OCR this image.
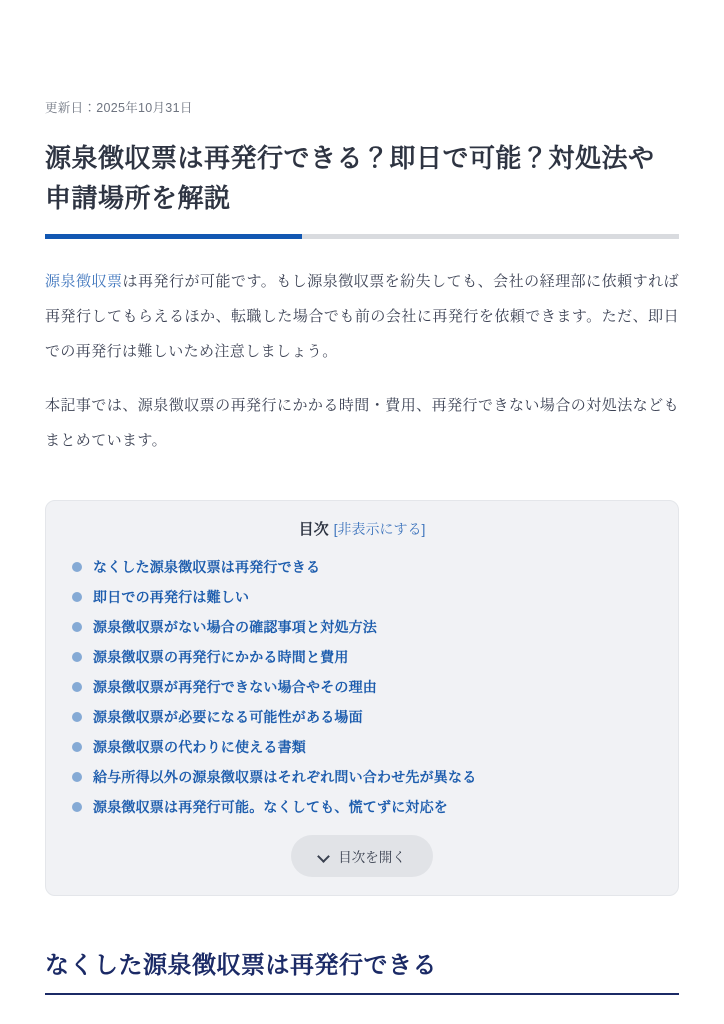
更新日：2025年10月31日
源泉徴収票は再発行できる？即日で可能？対処法や申請場所を解説

源泉徴収票は再発行が可能です。もし源泉徴収票を紛失しても、会社の経理部に依頼すれば再発行してもらえるほか、転職した場合でも前の会社に再発行を依頼できます。ただ、即日での再発行は難しいため注意しましょう。

本記事では、源泉徴収票の再発行にかかる時間・費用、再発行できない場合の対処法などもまとめています。

目次 [非表示にする]
なくした源泉徴収票は再発行できる
即日での再発行は難しい
源泉徴収票がない場合の確認事項と対処方法
源泉徴収票の再発行にかかる時間と費用
源泉徴収票が再発行できない場合やその理由
源泉徴収票が必要になる可能性がある場面
源泉徴収票の代わりに使える書類
給与所得以外の源泉徴収票はそれぞれ問い合わせ先が異なる
源泉徴収票は再発行可能。なくしても、慌てずに対応を
目次を開く
なくした源泉徴収票は再発行できる
